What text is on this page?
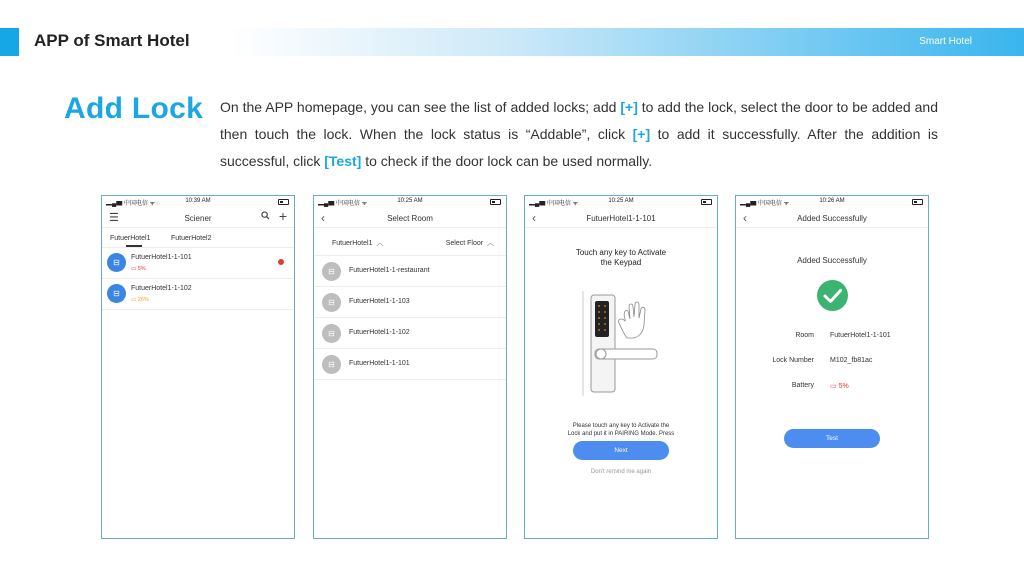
APP of Smart Hotel	Smart Hotel
Add Lock On the APP homepage, you can see the list of added locks; add [+] to add the lock, select the door to be added and then touch the lock. When the lock status is “Addable”, click [+] to add it successfully. After the addition is successful, click [Test] to check if the door lock can be used normally.
▂▄▆ 中国电信 ᯤ ◌	10:39 AM
☰	Sciener	+
FutuerHotel1	FutuerHotel2
⊟
FutuerHotel1-1-101
▭ 5%
⊟
FutuerHotel1-1-102
▭ 26%
▂▄▆ 中国电信 ᯤ	10:25 AM
‹	Select Room
FutuerHotel1 ︿	Select Floor ︿
⊟	FutuerHotel1-1-restaurant
⊟	FutuerHotel1-1-103
⊟	FutuerHotel1-1-102
⊟	FutuerHotel1-1-101
▂▄▆ 中国电信 ᯤ	10:25 AM
‹	FutuerHotel1-1-101
Touch any key to Activate
the Keypad
Please touch any key to Activate the
Lock and put it in PAIRING Mode. Press
Next
Don't remind me again
▂▄▆ 中国电信 ᯤ	10:26 AM
‹	Added Successfully
Added Successfully
Room FutuerHotel1-1-101
Lock Number M102_fb81ac
Battery ▭ 5%
Test
